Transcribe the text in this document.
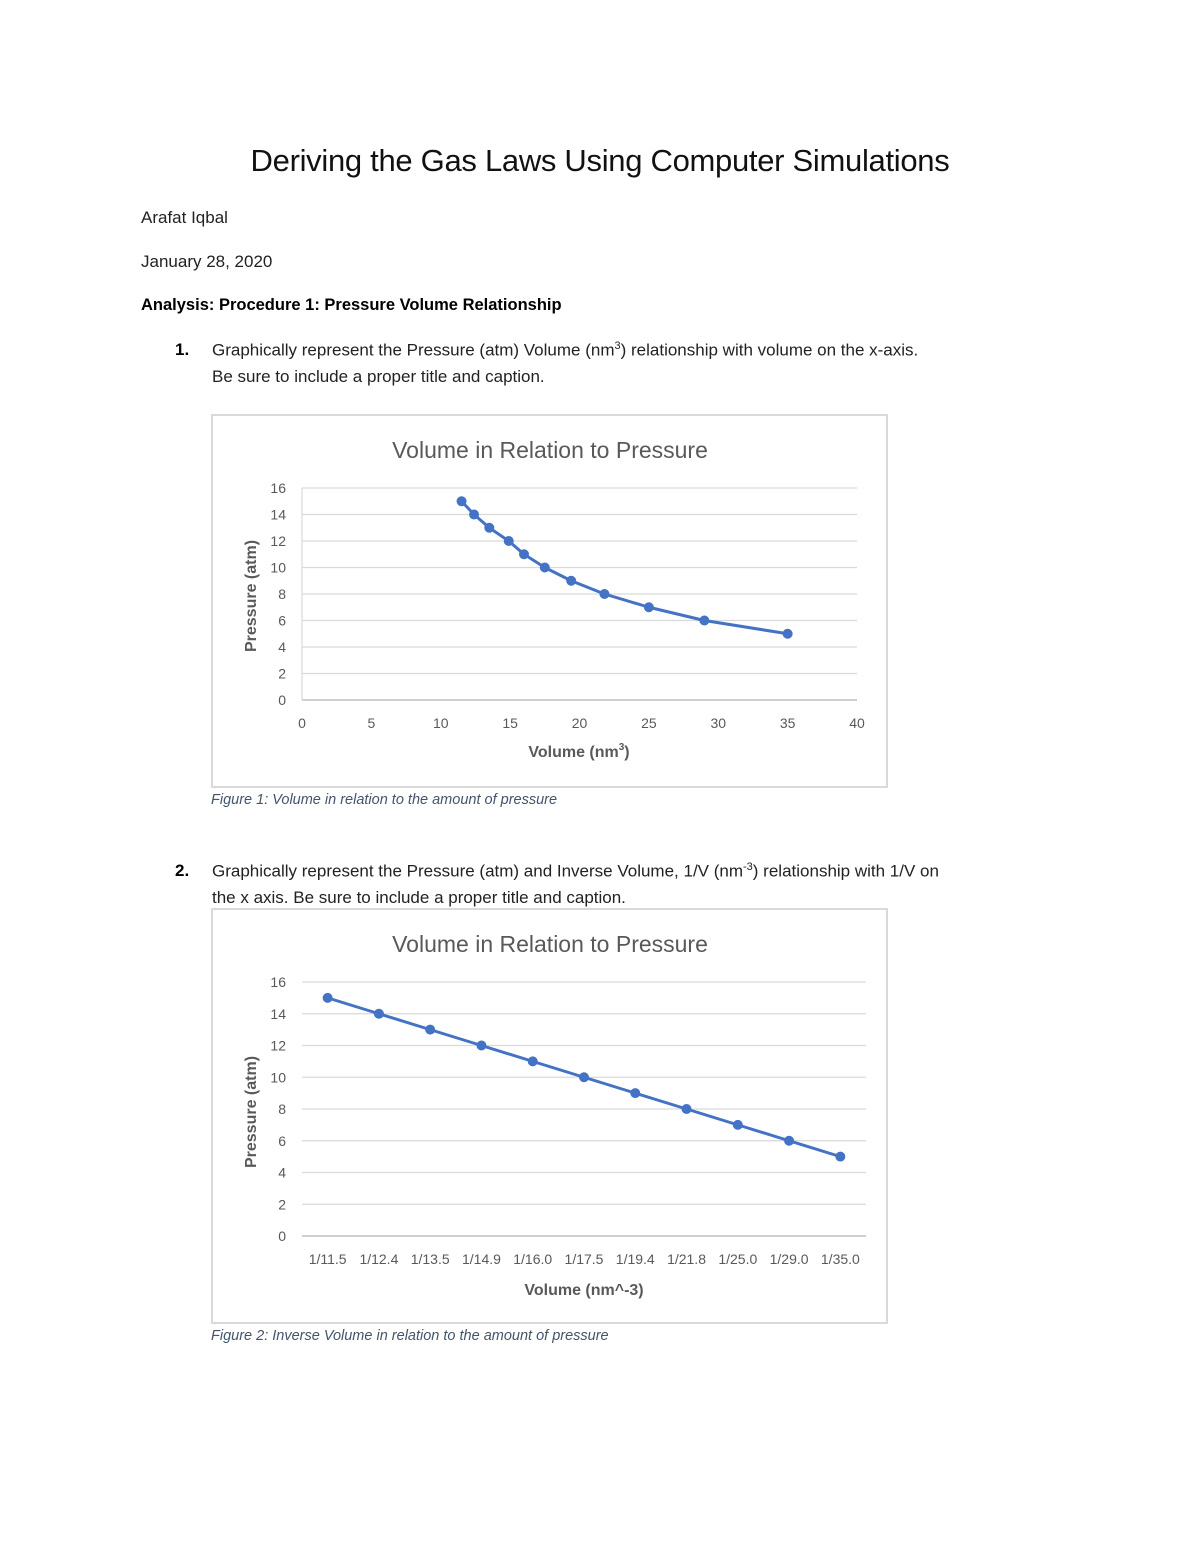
Deriving the Gas Laws Using Computer Simulations
Arafat Iqbal
January 28, 2020
Analysis: Procedure 1: Pressure Volume Relationship
1. Graphically represent the Pressure (atm) Volume $(nm^3)$ relationship with volume on the x-axis.
Be sure to include a proper title and caption.
Volume in Relation to Pressure
0
2
4
6
8
10
12
14
16
0	5	10	15	20	25	30	35	40
Pressure (atm)
Volume $(nm^3)$
Figure 1: Volume in relation to the amount of pressure
2. Graphically represent the Pressure (atm) and Inverse Volume, 1/V $(nm^{-3})$ relationship with 1/V on
the x axis. Be sure to include a proper title and caption.
Volume in Relation to Pressure
0
2
4
6
8
10
12
14
16
1/11.5 1/12.4 1/13.5 1/14.9 1/16.0 1/17.5 1/19.4 1/21.8 1/25.0 1/29.0 1/35.0
Pressure (atm)
Volume (nm^-3)
Figure 2: Inverse Volume in relation to the amount of pressure
